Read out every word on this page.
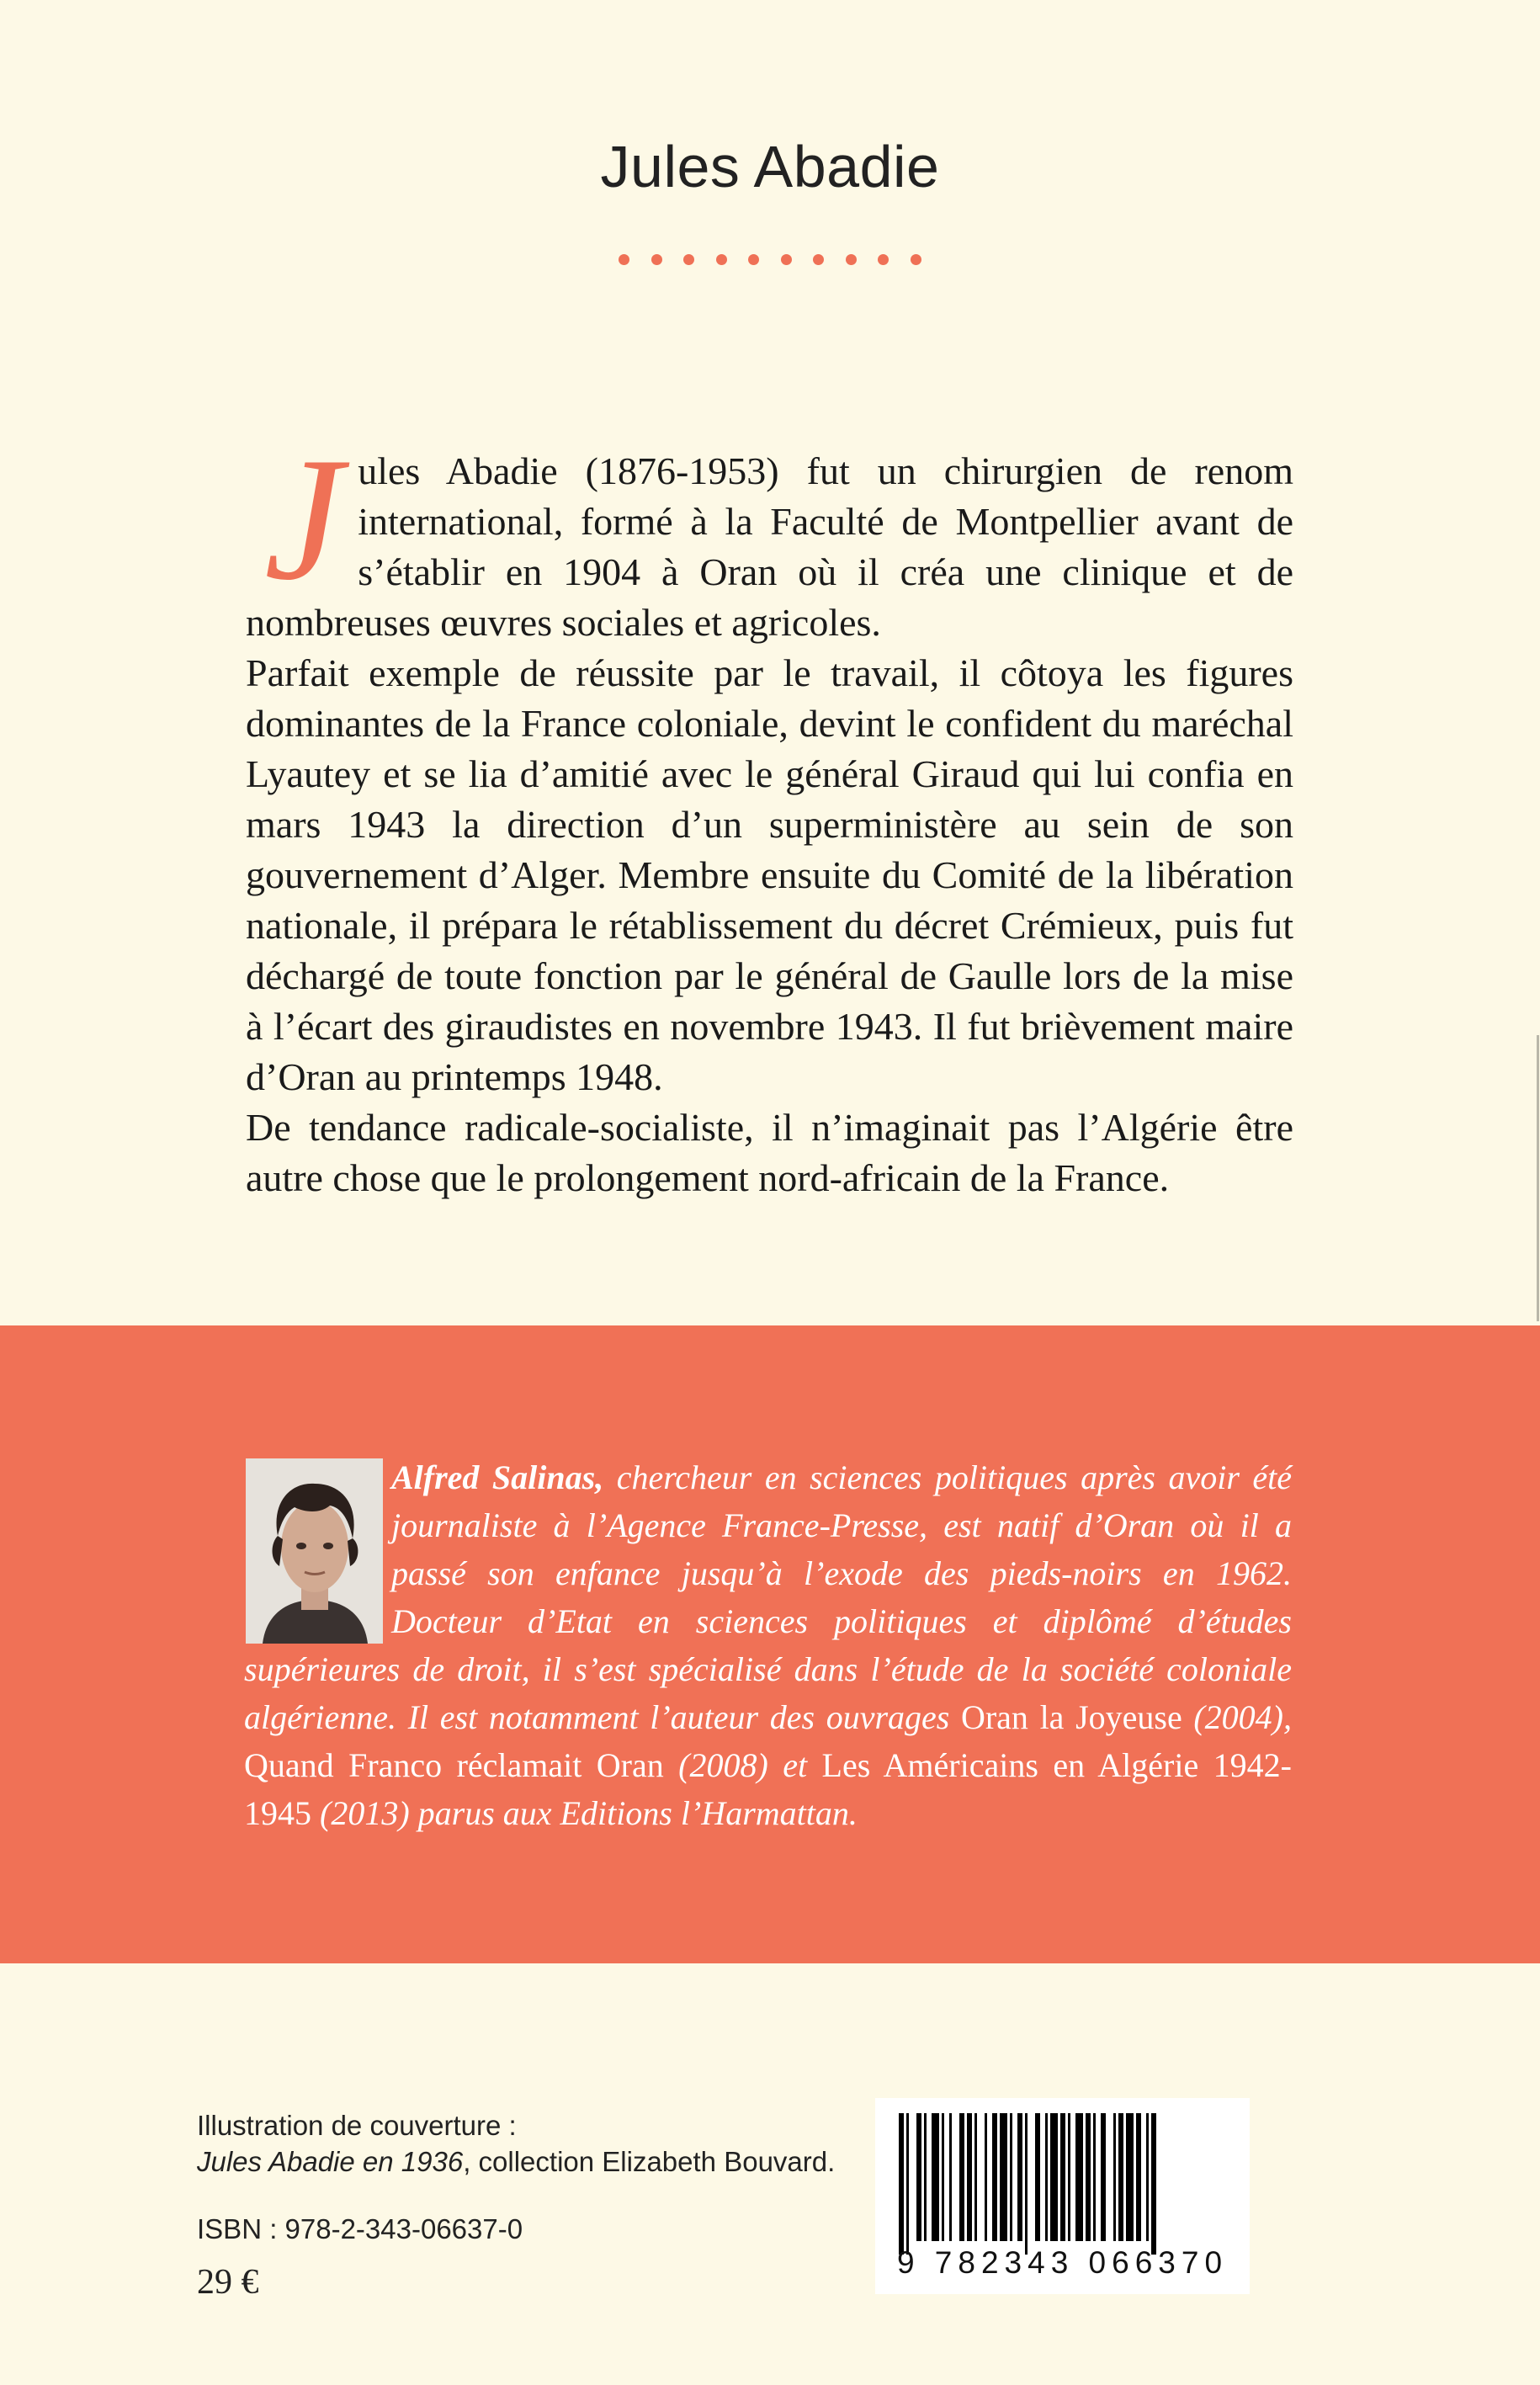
Jules Abadie

Jules Abadie (1876-1953) fut un chirurgien de renom international, formé à la Faculté de Montpellier avant de s’établir en 1904 à Oran où il créa une clinique et de nombreuses œuvres sociales et agricoles.

Parfait exemple de réussite par le travail, il côtoya les figures dominantes de la France coloniale, devint le confident du maréchal Lyautey et se lia d’amitié avec le général Giraud qui lui confia en mars 1943 la direction d’un superministère au sein de son gouvernement d’Alger. Membre ensuite du Comité de la libération nationale, il prépara le rétablissement du décret Crémieux, puis fut déchargé de toute fonction par le général de Gaulle lors de la mise à l’écart des giraudistes en novembre 1943. Il fut brièvement maire d’Oran au printemps 1948.

De tendance radicale-socialiste, il n’imaginait pas l’Algérie être autre chose que le prolongement nord-africain de la France.

Alfred Salinas, chercheur en sciences politiques après avoir été journaliste à l’Agence France-Presse, est natif d’Oran où il a passé son enfance jusqu’à l’exode des pieds-noirs en 1962. Docteur d’Etat en sciences politiques et diplômé d’études supérieures de droit, il s’est spécialisé dans l’étude de la société coloniale algérienne. Il est notamment l’auteur des ouvrages Oran la Joyeuse (2004), Quand Franco réclamait Oran (2008) et Les Américains en Algérie 1942-1945 (2013) parus aux Editions l’Harmattan.

Illustration de couverture :
Jules Abadie en 1936, collection Elizabeth Bouvard.
ISBN : 978-2-343-06637-0
29 €
9 782343 066370
